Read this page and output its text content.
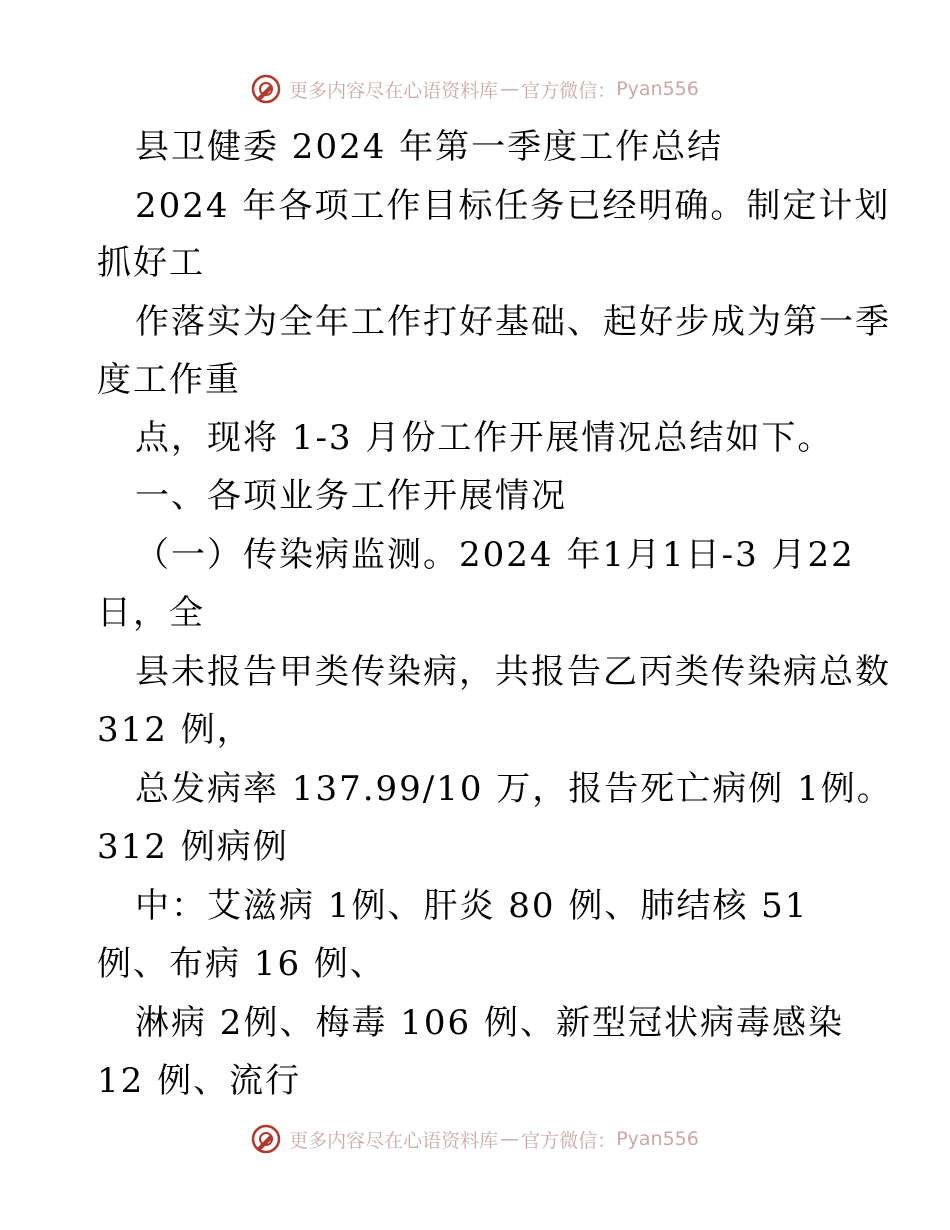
更多内容尽在心语资料库 — 官方微信： Pyan556
县卫健委 2024 年第一季度工作总结
2024 年各项工作目标任务已经明确。制定计划
抓好工
作落实为全年工作打好基础、起好步成为第一季
度工作重
点，现将 1-3 月份工作开展情况总结如下。
一、各项业务工作开展情况
（一）传染病监测。2024 年1月1日-3 月22
日，全
县未报告甲类传染病，共报告乙丙类传染病总数
312 例，
总发病率 137.99/10 万，报告死亡病例 1例。
312 例病例
中：艾滋病 1例、肝炎 80 例、肺结核 51
例、布病 16 例、
淋病 2例、梅毒 106 例、新型冠状病毒感染
12 例、流行
更多内容尽在心语资料库 — 官方微信： Pyan556
